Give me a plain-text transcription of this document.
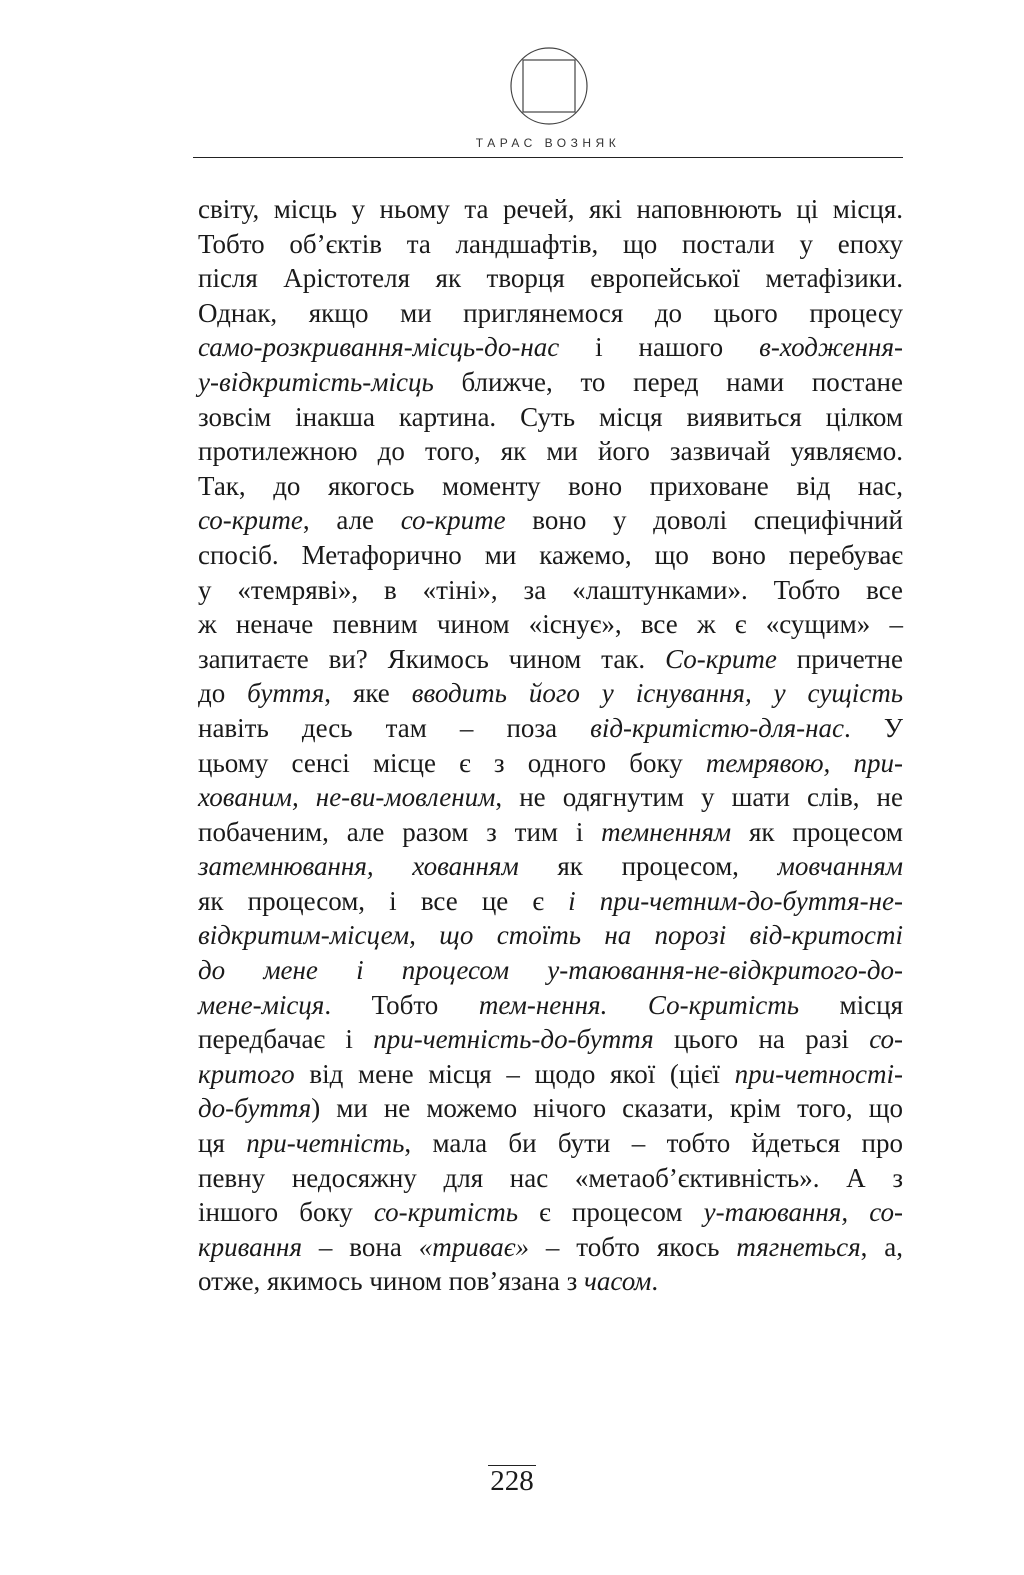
ТАРАС ВОЗНЯК
світу, місць у ньому та речей, які наповнюють ці місця.
Тобто об’єктів та ландшафтів, що постали у епоху
після Арістотеля як творця европейської метафізики.
Однак, якщо ми приглянемося до цього процесу
само-розкривання-місць-до-нас і нашого в-ходження-
у-відкритість-місць ближче, то перед нами постане
зовсім інакша картина. Суть місця виявиться цілком
протилежною до того, як ми його зазвичай уявляємо.
Так, до якогось моменту воно приховане від нас,
со-крите, але со-крите воно у доволі специфічний
спосіб. Метафорично ми кажемо, що воно перебуває
у «темряві», в «тіні», за «лаштунками». Тобто все
ж неначе певним чином «існує», все ж є «сущим» –
запитаєте ви? Якимось чином так. Со-крите причетне
до буття, яке вводить його у існування, у сущість
навіть десь там – поза від-критістю-для-нас. У
цьому сенсі місце є з одного боку темрявою, при-
хованим, не-ви-мовленим, не одягнутим у шати слів, не
побаченим, але разом з тим і темненням як процесом
затемнювання, хованням як процесом, мовчанням
як процесом, і все це є і при-четним-до-буття-не-
відкритим-місцем, що стоїть на порозі від-критості
до мене і процесом у-таювання-не-відкритого-до-
мене-місця. Тобто тем-нення. Со-критість місця
передбачає і при-четність-до-буття цього на разі со-
критого від мене місця – щодо якої (цієї при-четності-
до-буття) ми не можемо нічого сказати, крім того, що
ця при-четність, мала би бути – тобто йдеться про
певну недосяжну для нас «метаоб’єктивність». А з
іншого боку со-критість є процесом у-таювання, со-
кривання – вона «триває» – тобто якось тягнеться, а,
отже, якимось чином пов’язана з часом.
228
